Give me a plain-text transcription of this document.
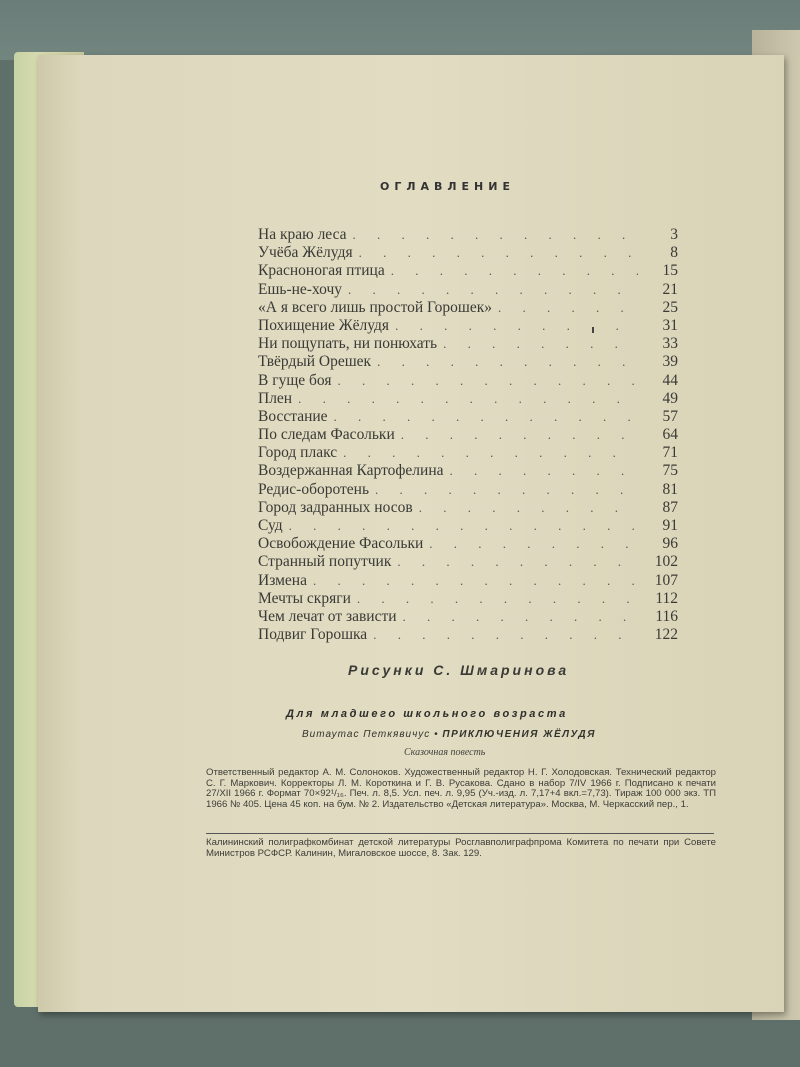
ОГЛАВЛЕНИЕ
На краю леса . . .	3
Учёба Жёлудя . . .	8
Красноногая птица . . .	15
Ешь-не-хочу . . .	21
«А я всего лишь простой Горошек» . . .	25
Похищение Жёлудя . . .	31
Ни пощупать, ни понюхать . . .	33
Твёрдый Орешек . . .	39
В гуще боя . . .	44
Плен . . .	49
Восстание . . .	57
По следам Фасольки . . .	64
Город плакс . . .	71
Воздержанная Картофелина . . .	75
Редис-оборотень . . .	81
Город задранных носов . . .	87
Суд . . .	91
Освобождение Фасольки . . .	96
Странный попутчик . . .	102
Измена . . .	107
Мечты скряги . . .	112
Чем лечат от зависти . . .	116
Подвиг Горошка . . .	122
Рисунки С. Шмаринова
Для младшего школьного возраста
Витаутас Петкявичус • ПРИКЛЮЧЕНИЯ ЖЁЛУДЯ
Сказочная повесть
Ответственный редактор А. М. Солоноков. Художественный редактор Н. Г. Холодовская. Технический редактор С. Г. Маркович. Корректоры Л. М. Короткина и Г. В. Русакова. Сдано в набор 7/IV 1966 г. Подписано к печати 27/XII 1966 г. Формат 70×92¹/₁₆. Печ. л. 8,5. Усл. печ. л. 9,95 (Уч.-изд. л. 7,17+4 вкл.=7,73). Тираж 100 000 экз. ТП 1966 № 405. Цена 45 коп. на бум. № 2. Издательство «Детская литература». Москва, М. Черкасский пер., 1.
Калининский полиграфкомбинат детской литературы Росглавполиграфпрома Комитета по печати при Совете Министров РСФСР. Калинин, Мигаловское шоссе, 8. Зак. 129.
